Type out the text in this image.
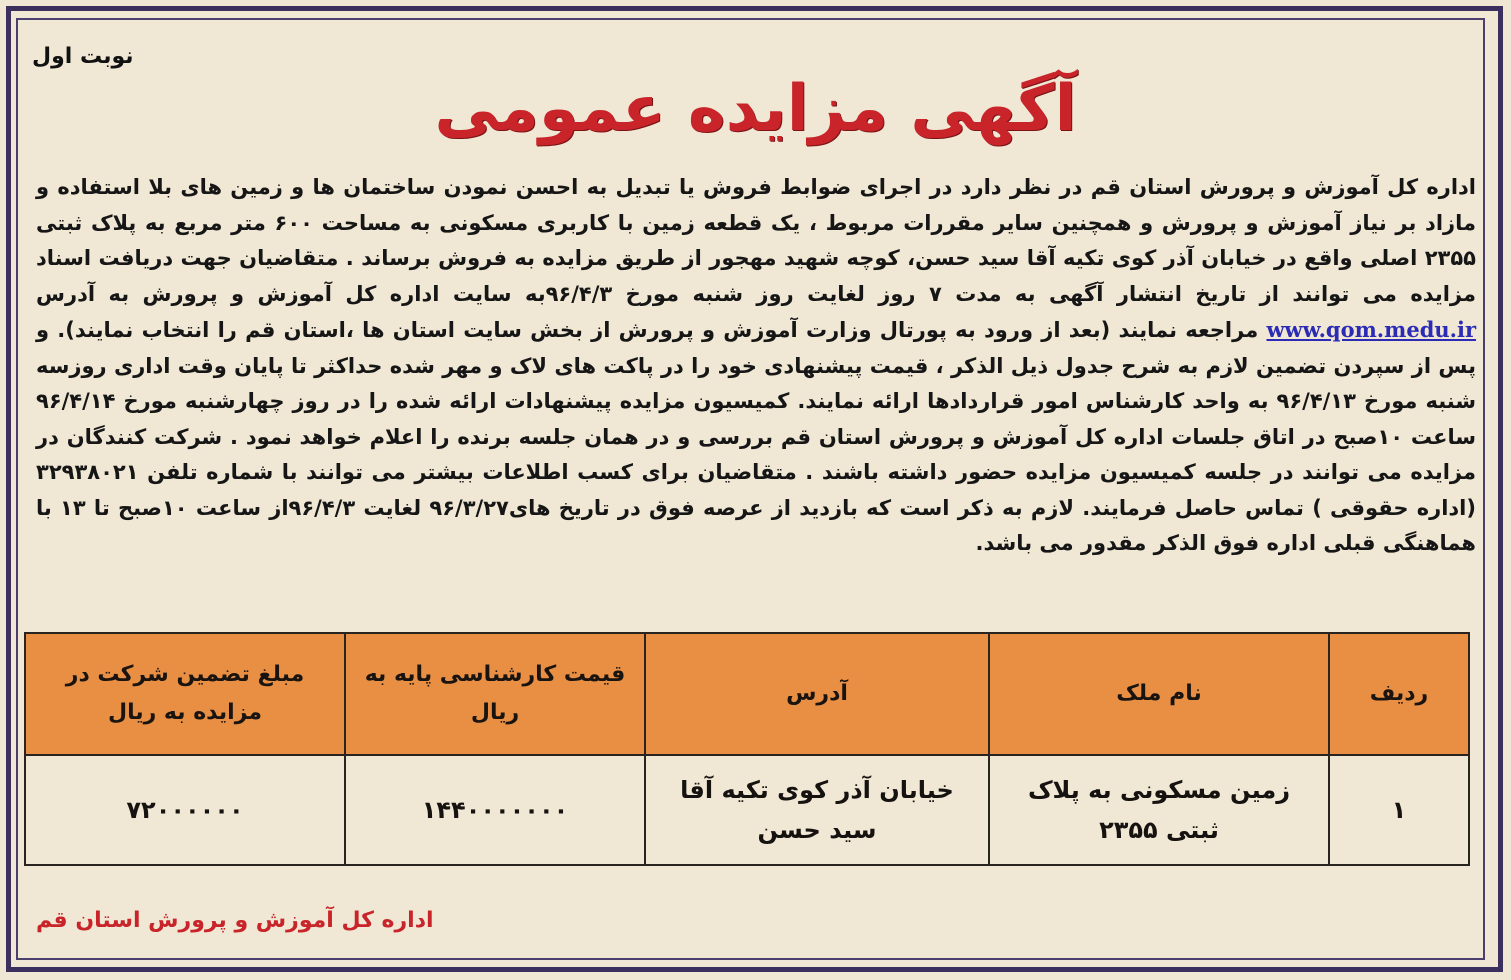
نوبت اول
آگهی مزایده عمومی

اداره کل آموزش و پرورش استان قم در نظر دارد در اجرای ضوابط فروش یا تبدیل به احسن نمودن ساختمان ها و زمین های بلا استفاده و مازاد بر نیاز آموزش و پرورش و همچنین سایر مقررات مربوط ، یک قطعه زمین با کاربری مسکونی به مساحت ۶۰۰ متر مربع به پلاک ثبتی ۲۳۵۵ اصلی واقع در خیابان آذر کوی تکیه آقا سید حسن، کوچه شهید مهجور از طریق مزایده به فروش برساند . متقاضیان جهت دریافت اسناد مزایده می توانند از تاریخ انتشار آگهی به مدت ۷ روز لغایت روز شنبه مورخ ۹۶/۴/۳به سایت اداره کل آموزش و پرورش به آدرس www.qom.medu.ir مراجعه نمایند (بعد از ورود به پورتال وزارت آموزش و پرورش از بخش سایت استان ها ،استان قم را انتخاب نمایند). و پس از سپردن تضمین لازم به شرح جدول ذیل الذکر ، قیمت پیشنهادی خود را در پاکت های لاک و مهر شده حداکثر تا پایان وقت اداری روزسه شنبه مورخ ۹۶/۴/۱۳ به واحد کارشناس امور قراردادها ارائه نمایند. کمیسیون مزایده پیشنهادات ارائه شده را در روز چهارشنبه مورخ ۹۶/۴/۱۴ ساعت ۱۰صبح در اتاق جلسات اداره کل آموزش و پرورش استان قم بررسی و در همان جلسه برنده را اعلام خواهد نمود . شرکت کنندگان در مزایده می توانند در جلسه کمیسیون مزایده حضور داشته باشند . متقاضیان برای کسب اطلاعات بیشتر می توانند با شماره تلفن ۳۲۹۳۸۰۲۱ (اداره حقوقی ) تماس حاصل فرمایند. لازم به ذکر است که بازدید از عرصه فوق در تاریخ های۹۶/۳/۲۷ لغایت ۹۶/۴/۳از ساعت ۱۰صبح تا ۱۳ با هماهنگی قبلی اداره فوق الذکر مقدور می باشد.

ردیف	نام ملک	آدرس	قیمت کارشناسی پایه به ریال	مبلغ تضمین شرکت در مزایده به ریال
۱	زمین مسکونی به پلاک ثبتی ۲۳۵۵	خیابان آذر کوی تکیه آقا سید حسن	۱۴۴۰۰۰۰۰۰۰	۷۲۰۰۰۰۰۰
اداره کل آموزش و پرورش استان قم
